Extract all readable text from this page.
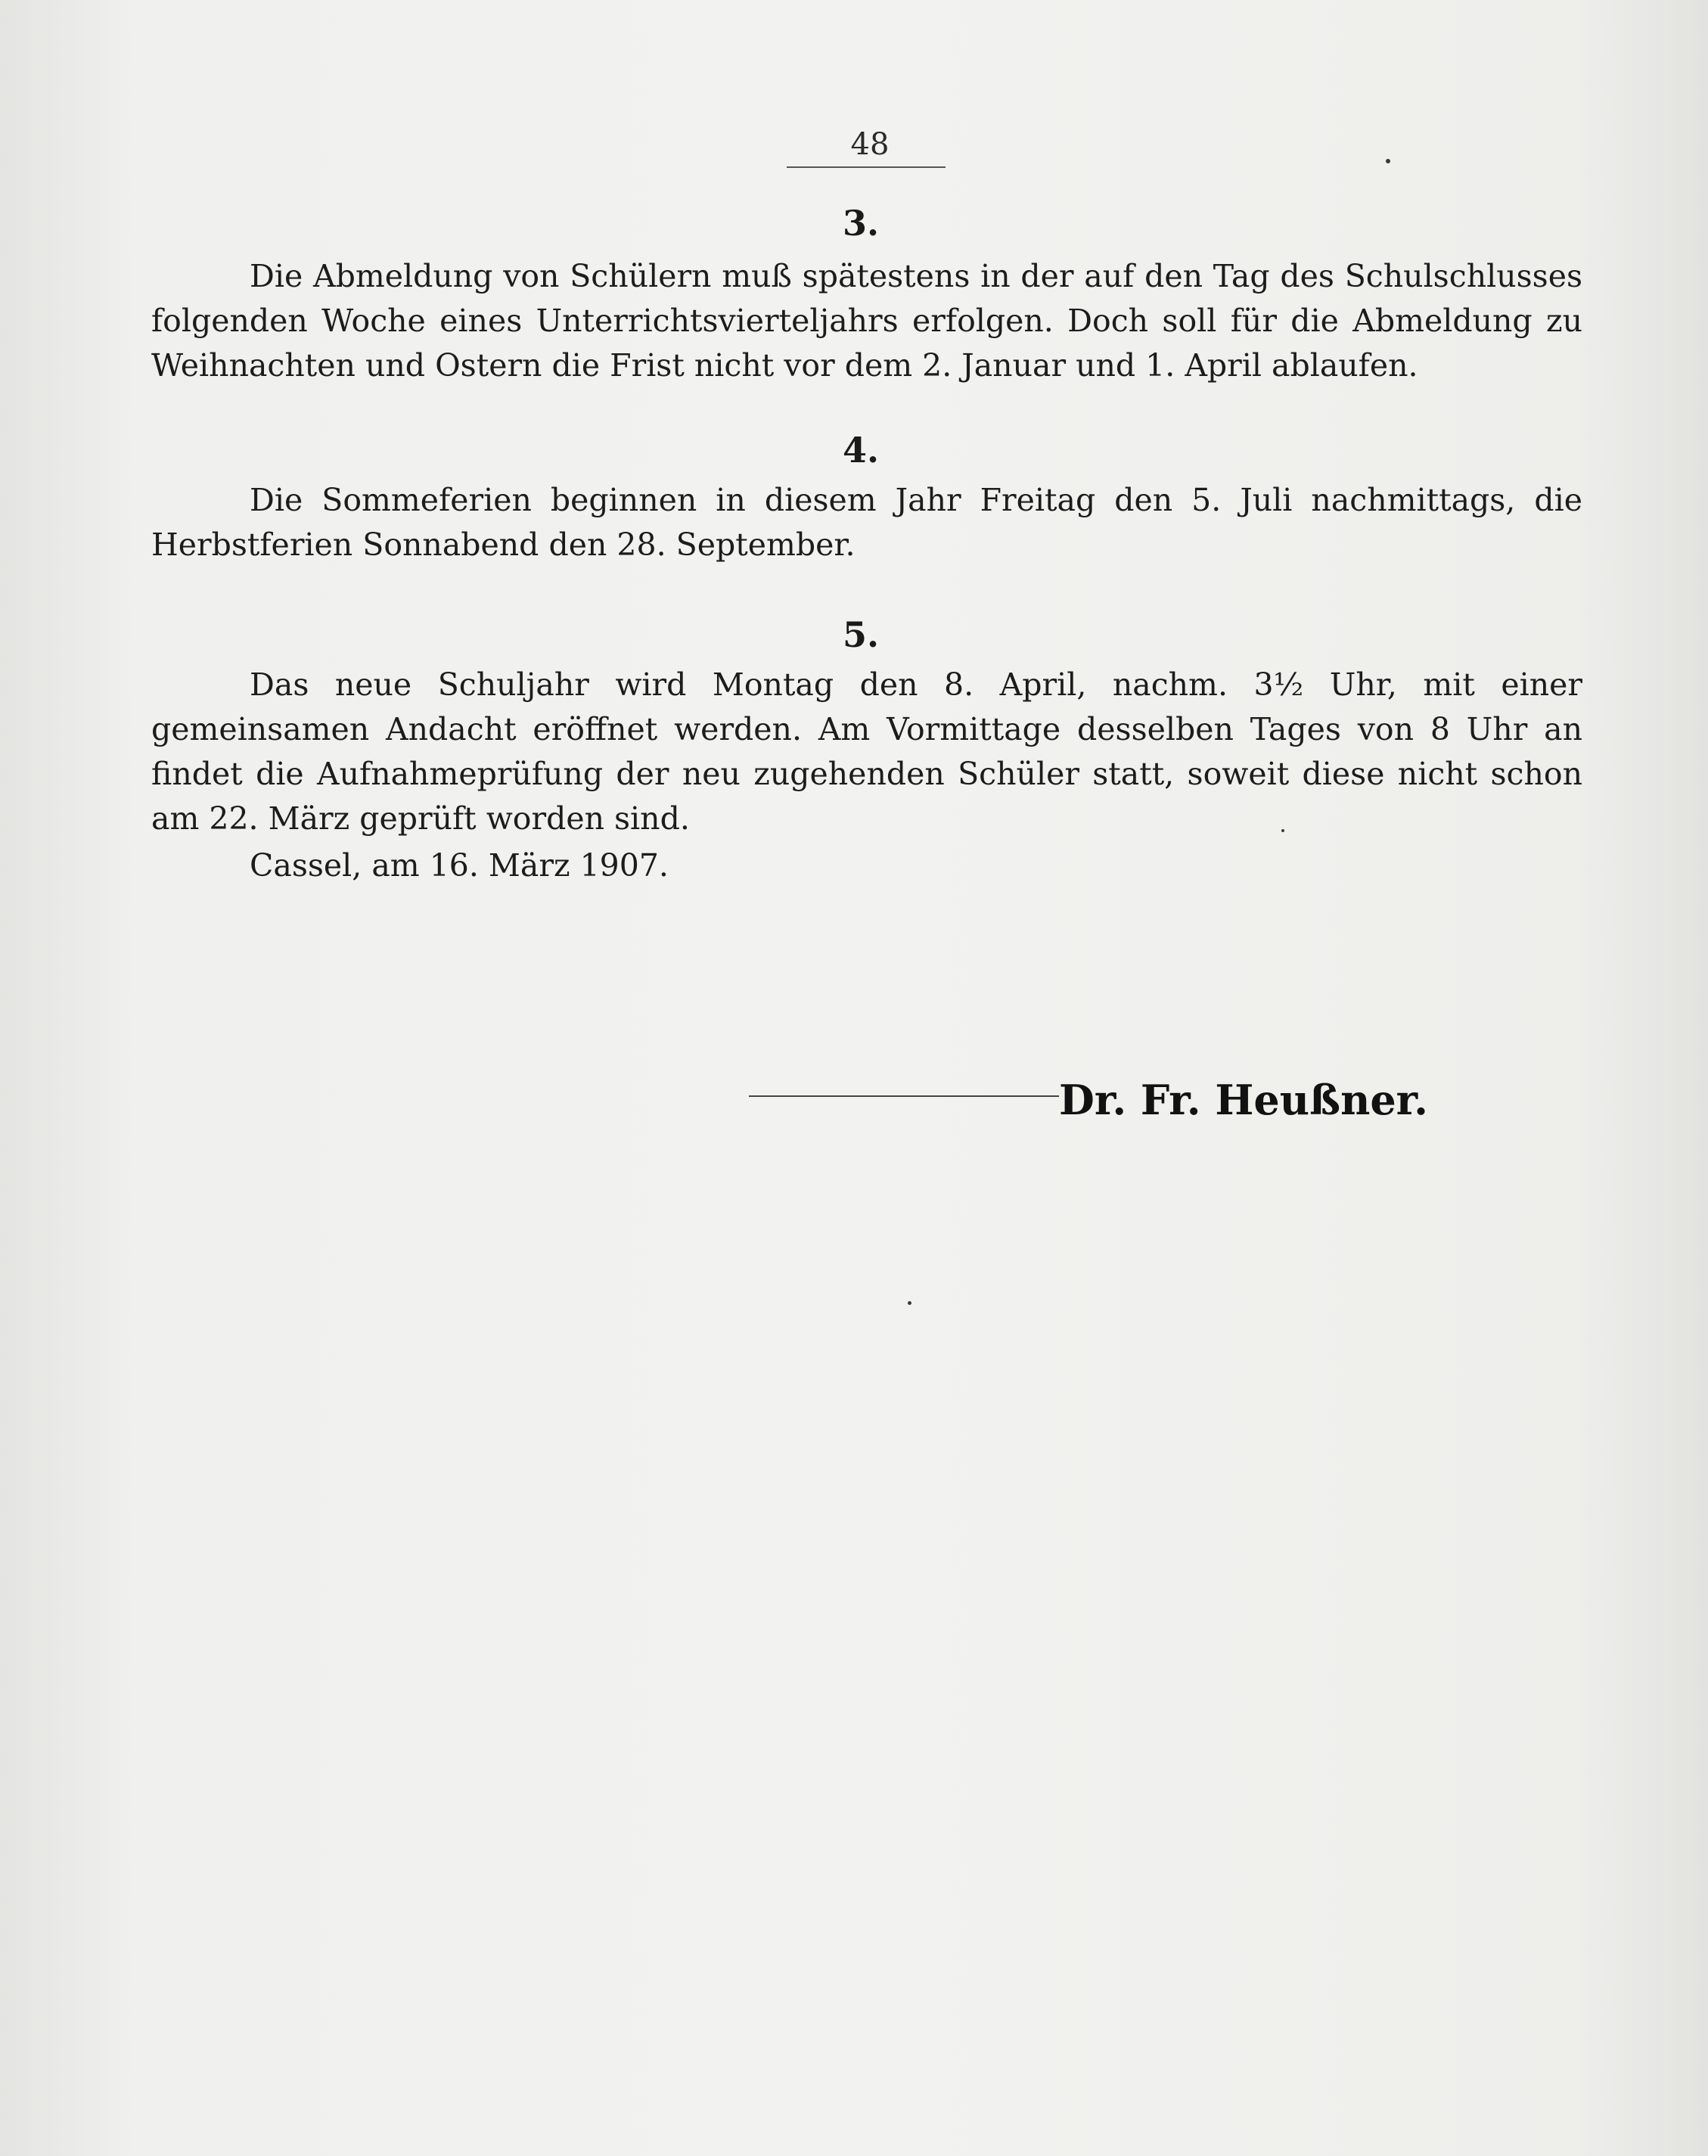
48
3.
Die Abmeldung von Schülern muß spätestens in der auf den Tag des Schulschlusses folgenden Woche eines Unterrichtsvierteljahrs erfolgen. Doch soll für die Abmeldung zu Weihnachten und Ostern die Frist nicht vor dem 2. Januar und 1. April ablaufen.
4.
Die Sommeferien beginnen in diesem Jahr Freitag den 5. Juli nachmittags, die Herbstferien Sonnabend den 28. September.
5.
Das neue Schuljahr wird Montag den 8. April, nachm. 3½ Uhr, mit einer gemeinsamen Andacht eröffnet werden. Am Vormittage desselben Tages von 8 Uhr an findet die Aufnahmeprüfung der neu zugehenden Schüler statt, soweit diese nicht schon am 22. März geprüft worden sind.
Cassel, am 16. März 1907.
Dr. Fr. Heußner.
